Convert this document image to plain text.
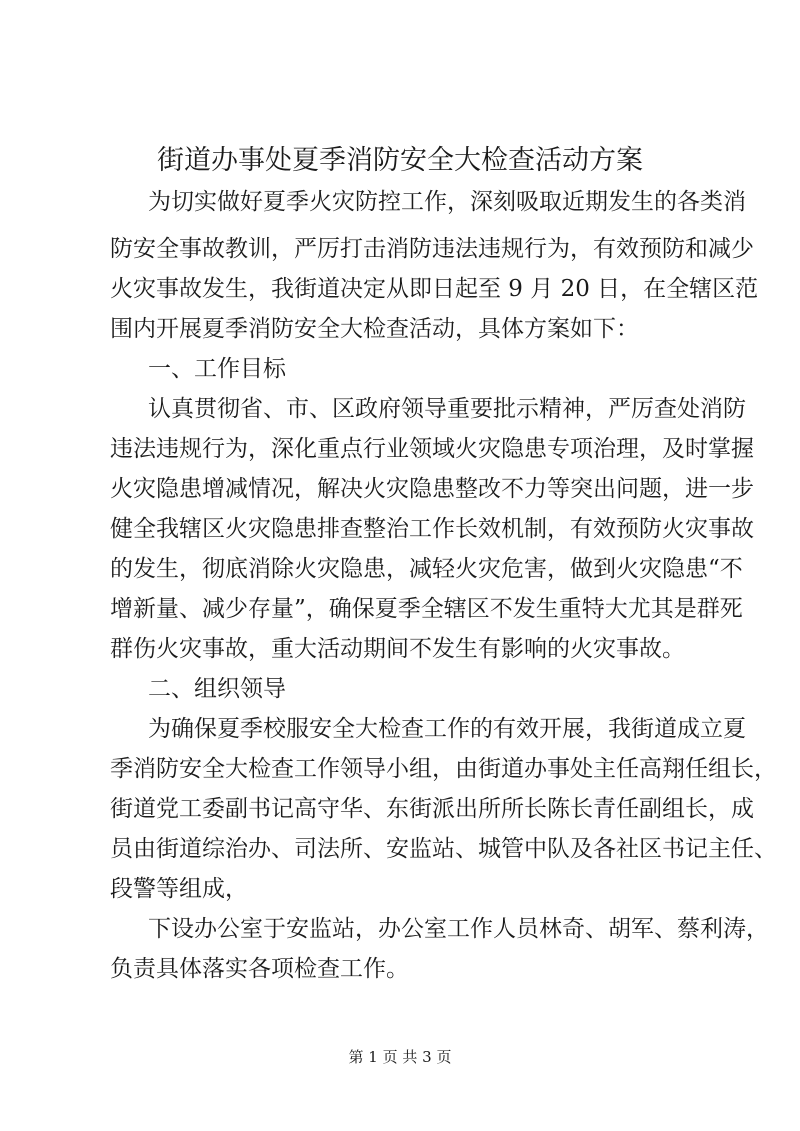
街道办事处夏季消防安全大检查活动方案

为切实做好夏季火灾防控工作，深刻吸取近期发生的各类消

防安全事故教训，严厉打击消防违法违规行为，有效预防和减少

火灾事故发生，我街道决定从即日起至 9 月 20 日，在全辖区范

围内开展夏季消防安全大检查活动，具体方案如下：

一、工作目标

认真贯彻省、市、区政府领导重要批示精神，严厉查处消防

违法违规行为，深化重点行业领域火灾隐患专项治理，及时掌握

火灾隐患增减情况，解决火灾隐患整改不力等突出问题，进一步

健全我辖区火灾隐患排查整治工作长效机制，有效预防火灾事故

的发生，彻底消除火灾隐患，减轻火灾危害，做到火灾隐患“不

增新量、减少存量”，确保夏季全辖区不发生重特大尤其是群死

群伤火灾事故，重大活动期间不发生有影响的火灾事故。

二、组织领导

为确保夏季校服安全大检查工作的有效开展，我街道成立夏

季消防安全大检查工作领导小组，由街道办事处主任高翔任组长，

街道党工委副书记高守华、东街派出所所长陈长青任副组长，成

员由街道综治办、司法所、安监站、城管中队及各社区书记主任、

段警等组成，

下设办公室于安监站，办公室工作人员林奇、胡军、蔡利涛，

负责具体落实各项检查工作。

第 1 页 共 3 页
